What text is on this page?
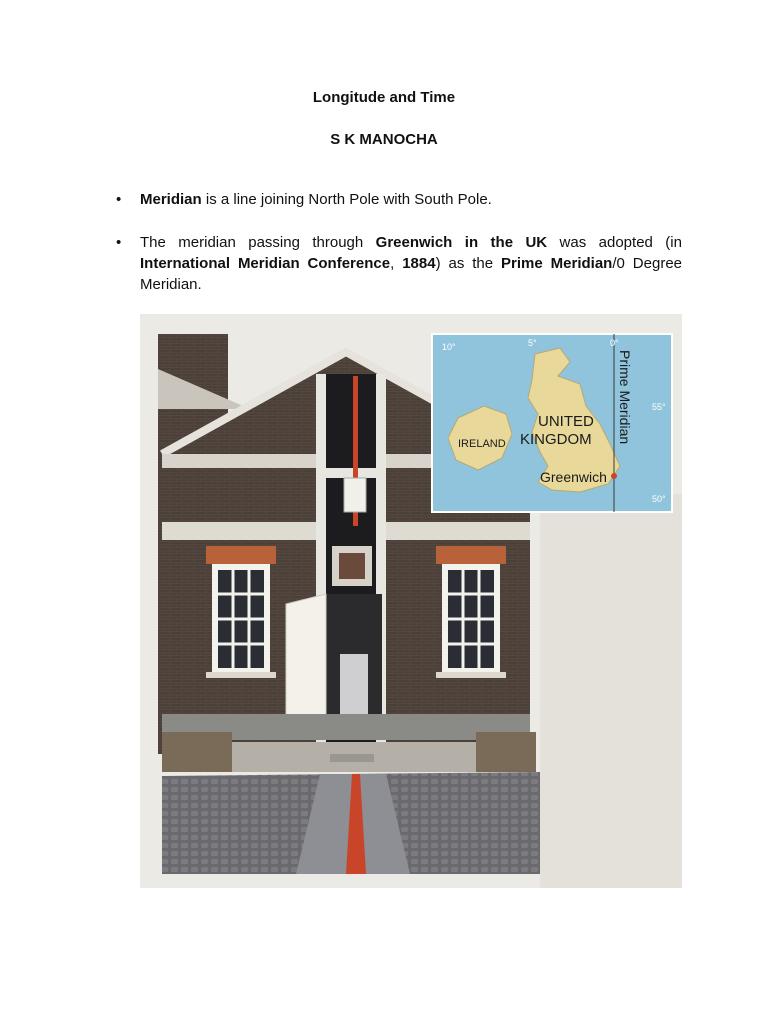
Longitude and Time
S K MANOCHA
• Meridian is a line joining North Pole with South Pole.
• The meridian passing through Greenwich in the UK was adopted (in International Meridian Conference, 1884) as the Prime Meridian/0 Degree Meridian.
IRELAND
UNITED
KINGDOM
Greenwich
Prime Meridian
10°	5°	0°
55°
50°
